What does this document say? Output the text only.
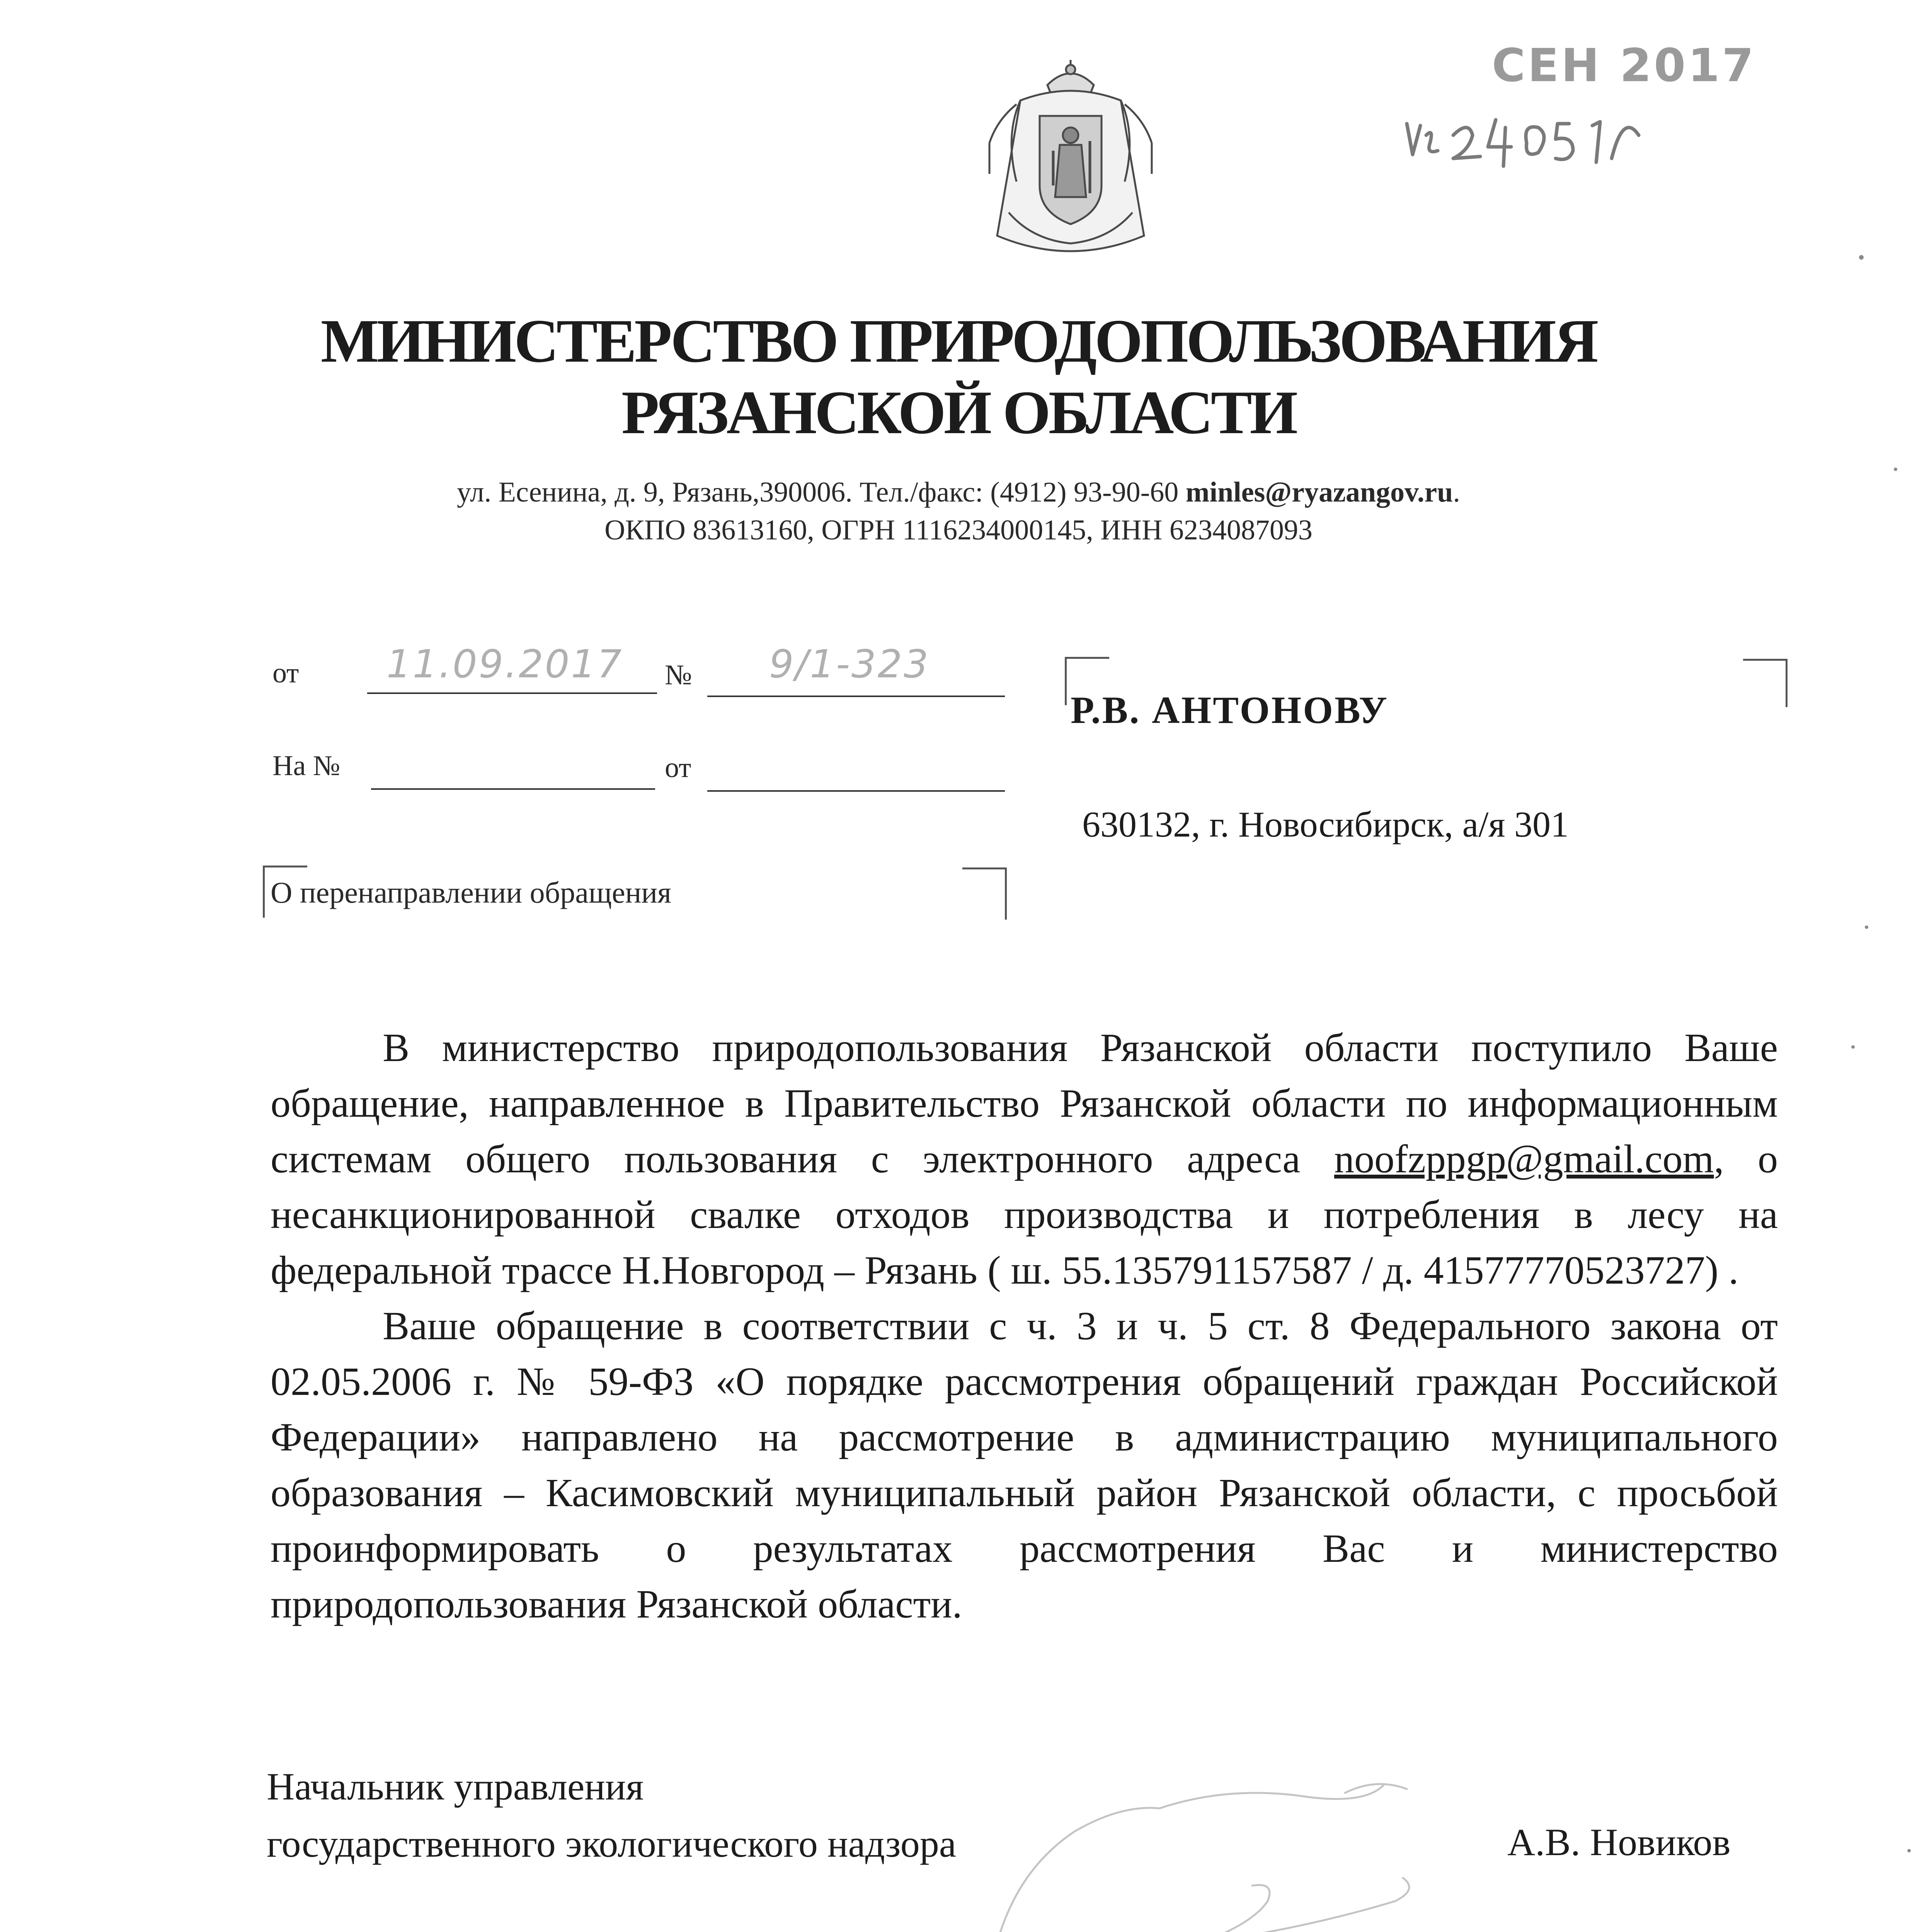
СЕН 2017
МИНИСТЕРСТВО ПРИРОДОПОЛЬЗОВАНИЯ
РЯЗАНСКОЙ ОБЛАСТИ
ул. Есенина, д. 9, Рязань,390006. Тел./факс: (4912) 93-90-60 minles@ryazangov.ru.
ОКПО 83613160, ОГРН 1116234000145, ИНН 6234087093
от 11.09.2017 № 9/1-323
На №	от
Р.В. АНТОНОВУ
630132, г. Новосибирск, а/я 301
О перенаправлении обращения

В министерство природопользования Рязанской области поступило Ваше обращение, направленное в Правительство Рязанской области по информационным системам общего пользования с электронного адреса noofzppgp@gmail.com, о несанкционированной свалке отходов производства и потребления в лесу на федеральной трассе Н.Новгород – Рязань ( ш. 55.135791157587 / д. 41577770523727) .

Ваше обращение в соответствии с ч. 3 и ч. 5 ст. 8 Федерального закона от 02.05.2006 г. № 59-ФЗ «О порядке рассмотрения обращений граждан Российской Федерации» направлено на рассмотрение в администрацию муниципального образования – Касимовский муниципальный район Рязанской области, с просьбой проинформировать о результатах рассмотрения Вас и министерство природопользования Рязанской области.

Начальник управления
государственного экологического надзора	А.В. Новиков
